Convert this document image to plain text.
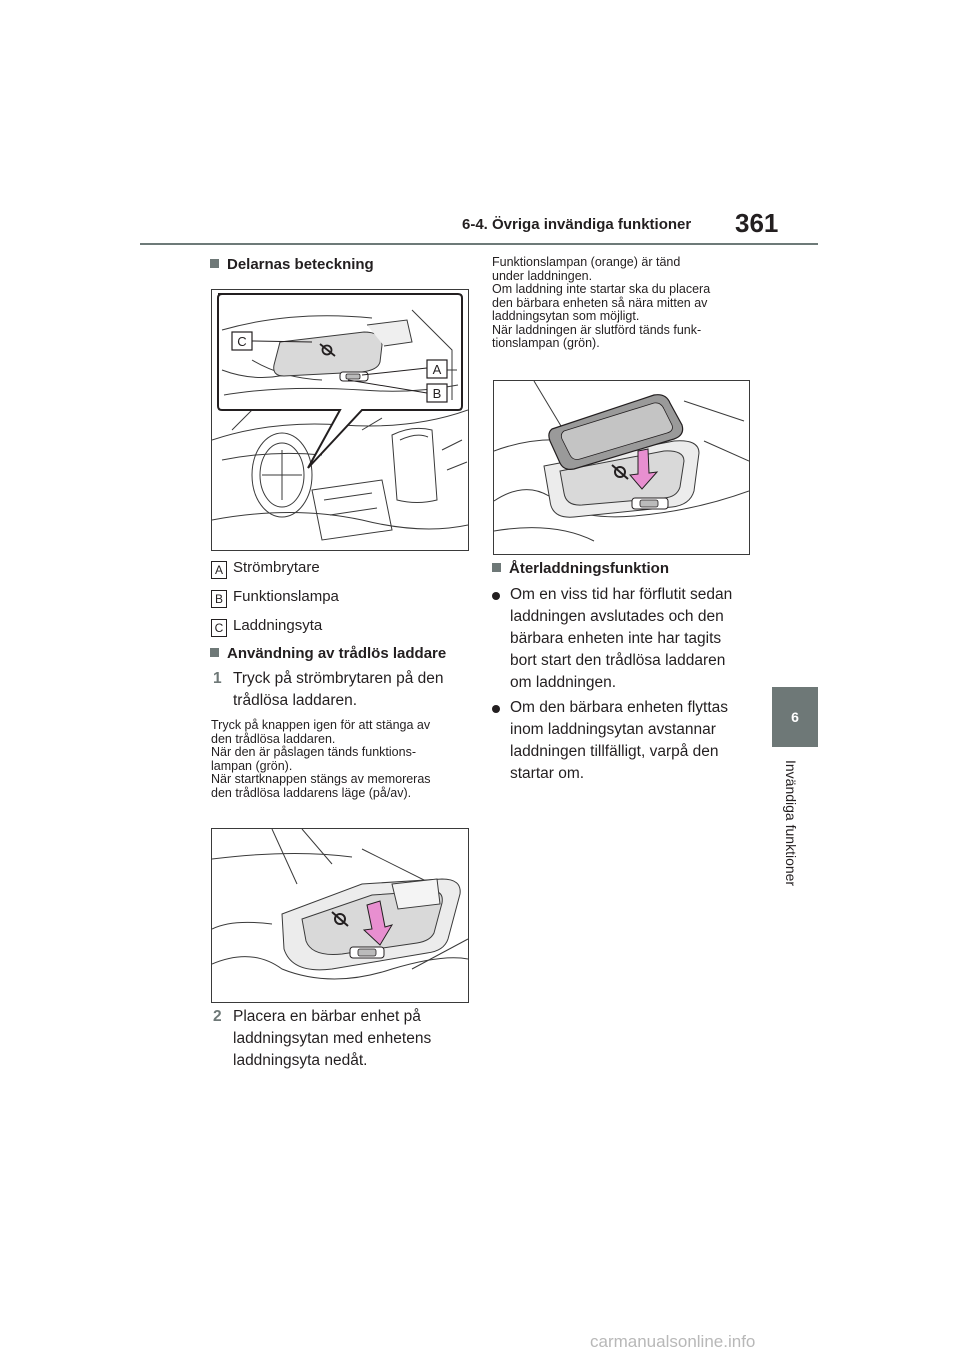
6-4. Övriga invändiga funktioner 361
6
Invändiga funktioner
Delarnas beteckning
C
A
B
A Strömbrytare
B Funktionslampa
C Laddningsyta
Användning av trådlös laddare
1 Tryck på strömbrytaren på den
trådlösa laddaren.
Tryck på knappen igen för att stänga av
den trådlösa laddaren.
När den är påslagen tänds funktions-
lampan (grön).
När startknappen stängs av memoreras
den trådlösa laddarens läge (på/av).
2 Placera en bärbar enhet på
laddningsytan med enhetens
laddningsyta nedåt.
Funktionslampan (orange) är tänd
under laddningen.
Om laddning inte startar ska du placera
den bärbara enheten så nära mitten av
laddningsytan som möjligt.
När laddningen är slutförd tänds funk-
tionslampan (grön).
Återladdningsfunktion
Om en viss tid har förflutit sedan
laddningen avslutades och den
bärbara enheten inte har tagits
bort start den trådlösa laddaren
om laddningen.
Om den bärbara enheten flyttas
inom laddningsytan avstannar
laddningen tillfälligt, varpå den
startar om.
carmanualsonline.info
